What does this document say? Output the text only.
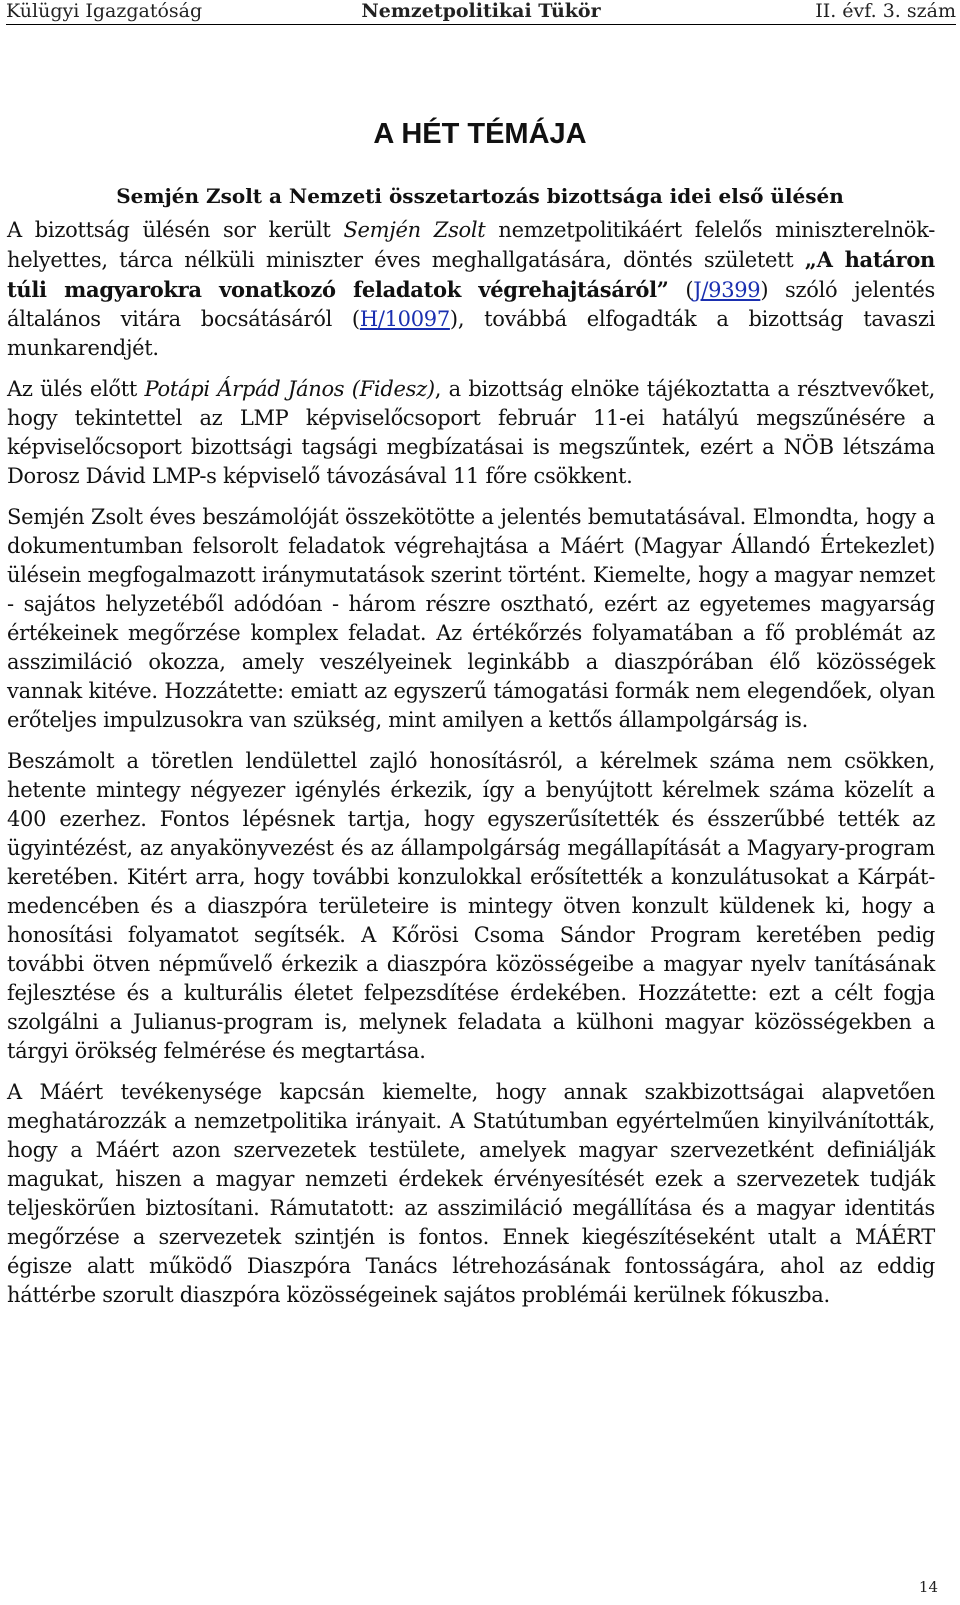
Külügyi Igazgatóság	Nemzetpolitikai Tükör	II. évf. 3. szám
A HÉT TÉMÁJA
Semjén Zsolt a Nemzeti összetartozás bizottsága idei első ülésén

A bizottság ülésén sor került Semjén Zsolt nemzetpolitikáért felelős miniszterelnök-helyettes, tárca nélküli miniszter éves meghallgatására, döntés született „A határon túli magyarokra vonatkozó feladatok végrehajtásáról” (J/9399) szóló jelentés általános vitára bocsátásáról (H/10097), továbbá elfogadták a bizottság tavaszi munkarendjét.

Az ülés előtt Potápi Árpád János (Fidesz), a bizottság elnöke tájékoztatta a résztvevőket, hogy tekintettel az LMP képviselőcsoport február 11-ei hatályú megszűnésére a képviselőcsoport bizottsági tagsági megbízatásai is megszűntek, ezért a NÖB létszáma Dorosz Dávid LMP-s képviselő távozásával 11 főre csökkent.

Semjén Zsolt éves beszámolóját összekötötte a jelentés bemutatásával. Elmondta, hogy a dokumentumban felsorolt feladatok végrehajtása a Máért (Magyar Állandó Értekezlet) ülésein megfogalmazott iránymutatások szerint történt. Kiemelte, hogy a magyar nemzet - sajátos helyzetéből adódóan - három részre osztható, ezért az egyetemes magyarság értékeinek megőrzése komplex feladat. Az értékőrzés folyamatában a fő problémát az asszimiláció okozza, amely veszélyeinek leginkább a diaszpórában élő közösségek vannak kitéve. Hozzátette: emiatt az egyszerű támogatási formák nem elegendőek, olyan erőteljes impulzusokra van szükség, mint amilyen a kettős állampolgárság is.

Beszámolt a töretlen lendülettel zajló honosításról, a kérelmek száma nem csökken, hetente mintegy négyezer igénylés érkezik, így a benyújtott kérelmek száma közelít a 400 ezerhez. Fontos lépésnek tartja, hogy egyszerűsítették és ésszerűbbé tették az ügyintézést, az anyakönyvezést és az állampolgárság megállapítását a Magyary-program keretében. Kitért arra, hogy további konzulokkal erősítették a konzulátusokat a Kárpát-medencében és a diaszpóra területeire is mintegy ötven konzult küldenek ki, hogy a honosítási folyamatot segítsék. A Kőrösi Csoma Sándor Program keretében pedig további ötven népművelő érkezik a diaszpóra közösségeibe a magyar nyelv tanításának fejlesztése és a kulturális életet felpezsdítése érdekében. Hozzátette: ezt a célt fogja szolgálni a Julianus-program is, melynek feladata a külhoni magyar közösségekben a tárgyi örökség felmérése és megtartása.

A Máért tevékenysége kapcsán kiemelte, hogy annak szakbizottságai alapvetően meghatározzák a nemzetpolitika irányait. A Statútumban egyértelműen kinyilvánították, hogy a Máért azon szervezetek testülete, amelyek magyar szervezetként definiálják magukat, hiszen a magyar nemzeti érdekek érvényesítését ezek a szervezetek tudják teljeskörűen biztosítani. Rámutatott: az asszimiláció megállítása és a magyar identitás megőrzése a szervezetek szintjén is fontos. Ennek kiegészítéseként utalt a MÁÉRT égisze alatt működő Diaszpóra Tanács létrehozásának fontosságára, ahol az eddig háttérbe szorult diaszpóra közösségeinek sajátos problémái kerülnek fókuszba.

14
